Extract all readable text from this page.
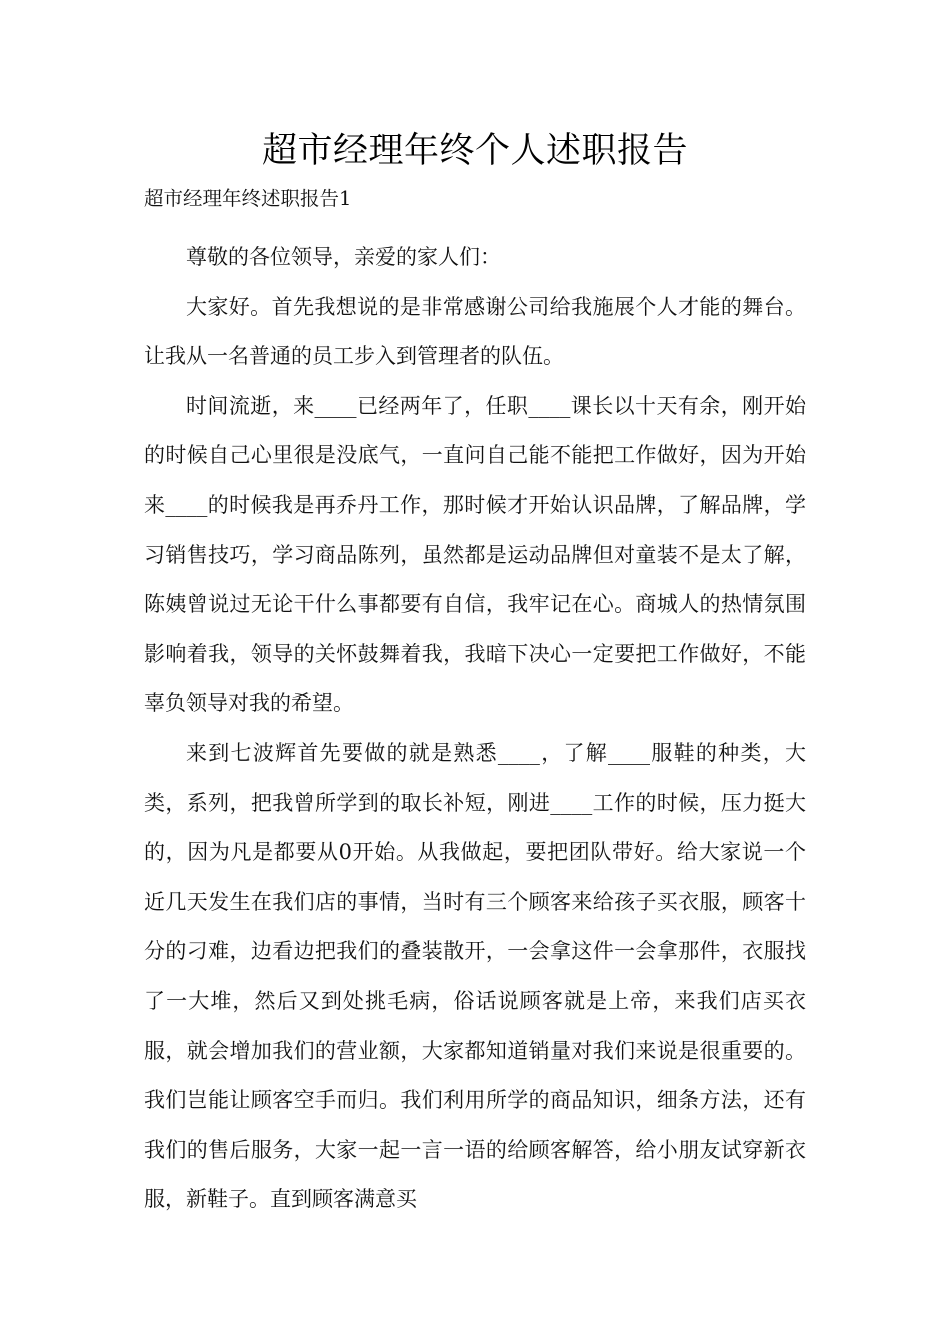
超市经理年终个人述职报告

超市经理年终述职报告1

尊敬的各位领导，亲爱的家人们：

大家好。首先我想说的是非常感谢公司给我施展个人才能的舞台。让我从一名普通的员工步入到管理者的队伍。

时间流逝，来____已经两年了，任职____课长以十天有余，刚开始的时候自己心里很是没底气，一直问自己能不能把工作做好，因为开始来____的时候我是再乔丹工作，那时候才开始认识品牌，了解品牌，学习销售技巧，学习商品陈列，虽然都是运动品牌但对童装不是太了解，陈姨曾说过无论干什么事都要有自信，我牢记在心。商城人的热情氛围影响着我，领导的关怀鼓舞着我，我暗下决心一定要把工作做好，不能辜负领导对我的希望。

来到七波辉首先要做的就是熟悉____，了解____服鞋的种类，大类，系列，把我曾所学到的取长补短，刚进____工作的时候，压力挺大的，因为凡是都要从0开始。从我做起，要把团队带好。给大家说一个近几天发生在我们店的事情，当时有三个顾客来给孩子买衣服，顾客十分的刁难，边看边把我们的叠装散开，一会拿这件一会拿那件，衣服找了一大堆，然后又到处挑毛病，俗话说顾客就是上帝，来我们店买衣服，就会增加我们的营业额，大家都知道销量对我们来说是很重要的。我们岂能让顾客空手而归。我们利用所学的商品知识，细条方法，还有我们的售后服务，大家一起一言一语的给顾客解答，给小朋友试穿新衣服，新鞋子。直到顾客满意买
